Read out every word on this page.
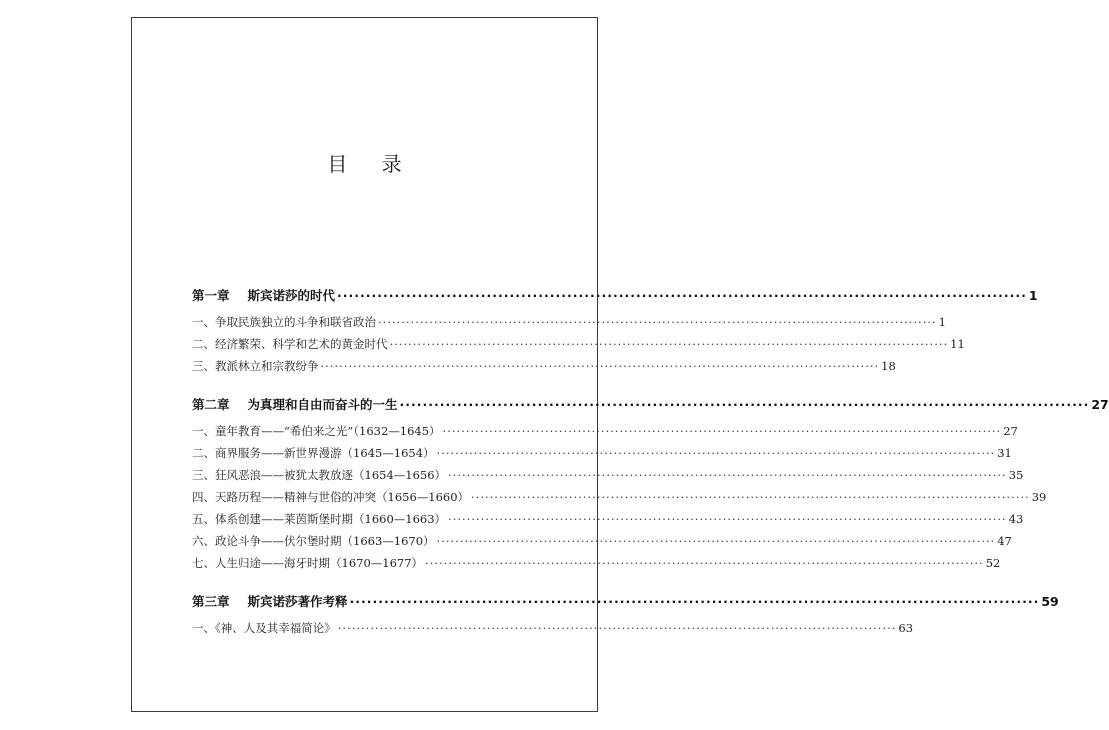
目 录
第一章 斯宾诺莎的时代 ························································································································ 1
一、争取民族独立的斗争和联省政治 ························································································································ 1
二、经济繁荣、科学和艺术的黄金时代 ························································································································ 11
三、教派林立和宗教纷争 ························································································································ 18
第二章 为真理和自由而奋斗的一生 ························································································································ 27
一、童年教育——“希伯来之光”（1632—1645） ························································································································ 27
二、商界服务——新世界漫游（1645—1654） ························································································································ 31
三、狂风恶浪——被犹太教放逐（1654—1656） ························································································································ 35
四、天路历程——精神与世俗的冲突（1656—1660） ························································································································ 39
五、体系创建——莱茵斯堡时期（1660—1663） ························································································································ 43
六、政论斗争——伏尔堡时期（1663—1670） ························································································································ 47
七、人生归途——海牙时期（1670—1677） ························································································································ 52
第三章 斯宾诺莎著作考释 ························································································································ 59
一、《神、人及其幸福简论》 ························································································································ 63
